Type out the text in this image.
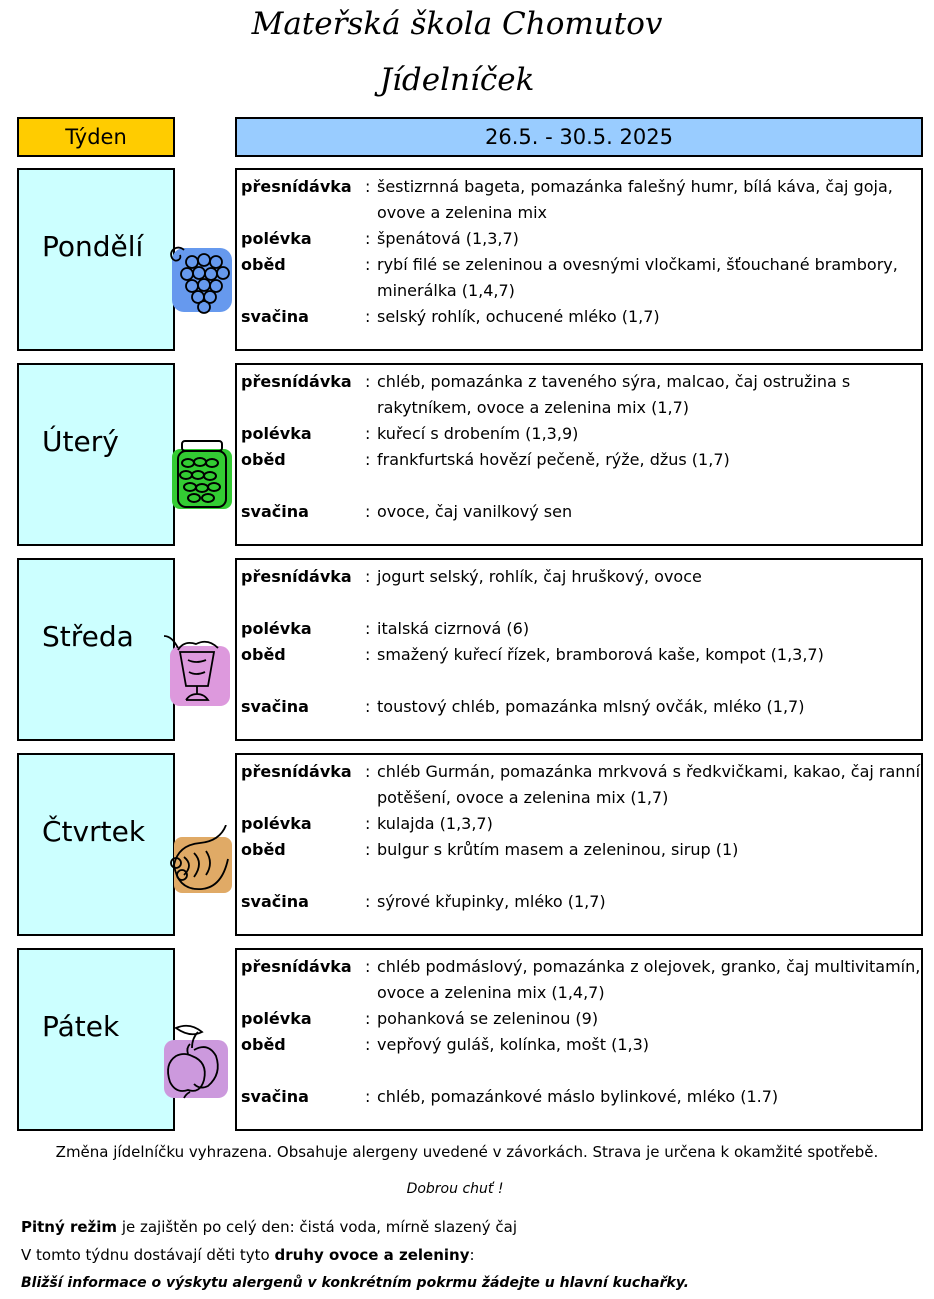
Mateřská škola Chomutov
Jídelníček
Týden	26.5. - 30.5. 2025
Pondělí
přesnídávka : šestizrnná bageta, pomazánka falešný humr, bílá káva, čaj goja, ovove a zelenina mix
polévka	: špenátová (1,3,7)
oběd	: rybí filé se zeleninou a ovesnými vločkami, šťouchané brambory, minerálka (1,4,7)
svačina	: selský rohlík, ochucené mléko (1,7)
Úterý
přesnídávka : chléb, pomazánka z taveného sýra, malcao, čaj ostružina s rakytníkem, ovoce a zelenina mix (1,7)
polévka	: kuřecí s drobením (1,3,9)
oběd	: frankfurtská hovězí pečeně, rýže, džus (1,7)
svačina	: ovoce, čaj vanilkový sen
Středa
přesnídávka : jogurt selský, rohlík, čaj hruškový, ovoce
polévka	: italská cizrnová (6)
oběd	: smažený kuřecí řízek, bramborová kaše, kompot (1,3,7)
svačina	: toustový chléb, pomazánka mlsný ovčák, mléko (1,7)
Čtvrtek
přesnídávka : chléb Gurmán, pomazánka mrkvová s ředkvičkami, kakao, čaj ranní potěšení, ovoce a zelenina mix (1,7)
polévka	: kulajda (1,3,7)
oběd	: bulgur s krůtím masem a zeleninou, sirup (1)
svačina	: sýrové křupinky, mléko (1,7)
Pátek
přesnídávka : chléb podmáslový, pomazánka z olejovek, granko, čaj multivitamín, ovoce a zelenina mix (1,4,7)
polévka	: pohanková se zeleninou (9)
oběd	: vepřový guláš, kolínka, mošt (1,3)
svačina	: chléb, pomazánkové máslo bylinkové, mléko (1.7)
Změna jídelníčku vyhrazena. Obsahuje alergeny uvedené v závorkách. Strava je určena k okamžité spotřebě.
Dobrou chuť !
Pitný režim je zajištěn po celý den: čistá voda, mírně slazený čaj
V tomto týdnu dostávají děti tyto druhy ovoce a zeleniny:
Bližší informace o výskytu alergenů v konkrétním pokrmu žádejte u hlavní kuchařky.
